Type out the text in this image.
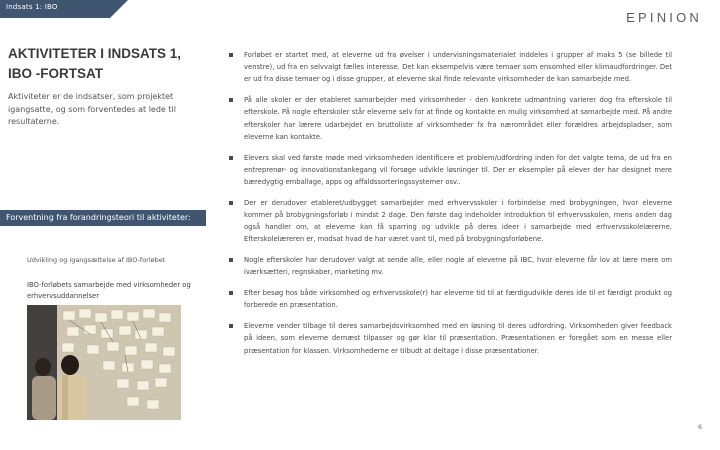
Indsats 1: IBO
EPINION
AKTIVITETER I INDSATS 1, IBO -FORTSAT
Aktiviteter er de indsatser, som projektet igangsatte, og som forventedes at lede til resultaterne.
Forventning fra forandringsteori til aktiviteter:
Udvikling og igangsættelse af IBO-forløbet
IBO-forløbets samarbejde med virksomheder og erhvervsuddannelser
Forløbet er startet med, at eleverne ud fra øvelser i undervisningsmaterialet inddeles i grupper af maks 5 (se billede til venstre), ud fra en selvvalgt fælles interesse. Det kan eksempelvis være temaer som ensomhed eller klimaudfordringer. Det er ud fra disse temaer og i disse grupper, at eleverne skal finde relevante virksomheder de kan samarbejde med.
På alle skoler er der etableret samarbejder med virksomheder - den konkrete udmøntning varierer dog fra efterskole til efterskole. På nogle efterskoler står eleverne selv for at finde og kontakte en mulig virksomhed at samarbejde med. På andre efterskoler har lærere udarbejdet en bruttoliste af virksomheder fx fra nærområdet eller forældres arbejdspladser, som eleverne kan kontakte.
Elevers skal ved første møde med virksomheden identificere et problem/udfordring inden for det valgte tema, de ud fra en entreprenør- og innovationstankegang vil forsøge udvikle løsninger til. Der er eksempler på elever der har designet mere bæredygtig emballage, apps og affaldssorteringssystemer osv..
Der er derudover etableret/udbygget samarbejder med erhvervsskoler i forbindelse med brobygningen, hvor eleverne kommer på brobygningsforløb i mindst 2 dage. Den første dag indeholder introduktion til erhvervsskolen, mens anden dag også handler om, at eleverne kan få sparring og udvikle på deres ideer i samarbejde med erhvervsskolelærerne. Efterskolelæreren er, modsat hvad de har været vant til, med på brobygningsforløbene.
Nogle efterskoler har derudover valgt at sende alle, eller nogle af eleverne på IBC, hvor eleverne får lov at lære mere om iværksætteri, regnskaber, marketing mv.
Efter besøg hos både virksomhed og erhvervsskole(r) har eleverne tid til at færdigudvikle deres ide til et færdigt produkt og forberede en præsentation.
Eleverne vender tilbage til deres samarbejdsvirksomhed med en løsning til deres udfordring. Virksomheden giver feedback på ideen, som eleverne dernæst tilpasser og gør klar til præsentation. Præsentationen er foregået som en messe eller præsentation for klassen. Virksomhederne er tilbudt at deltage i disse præsentationer.
6
